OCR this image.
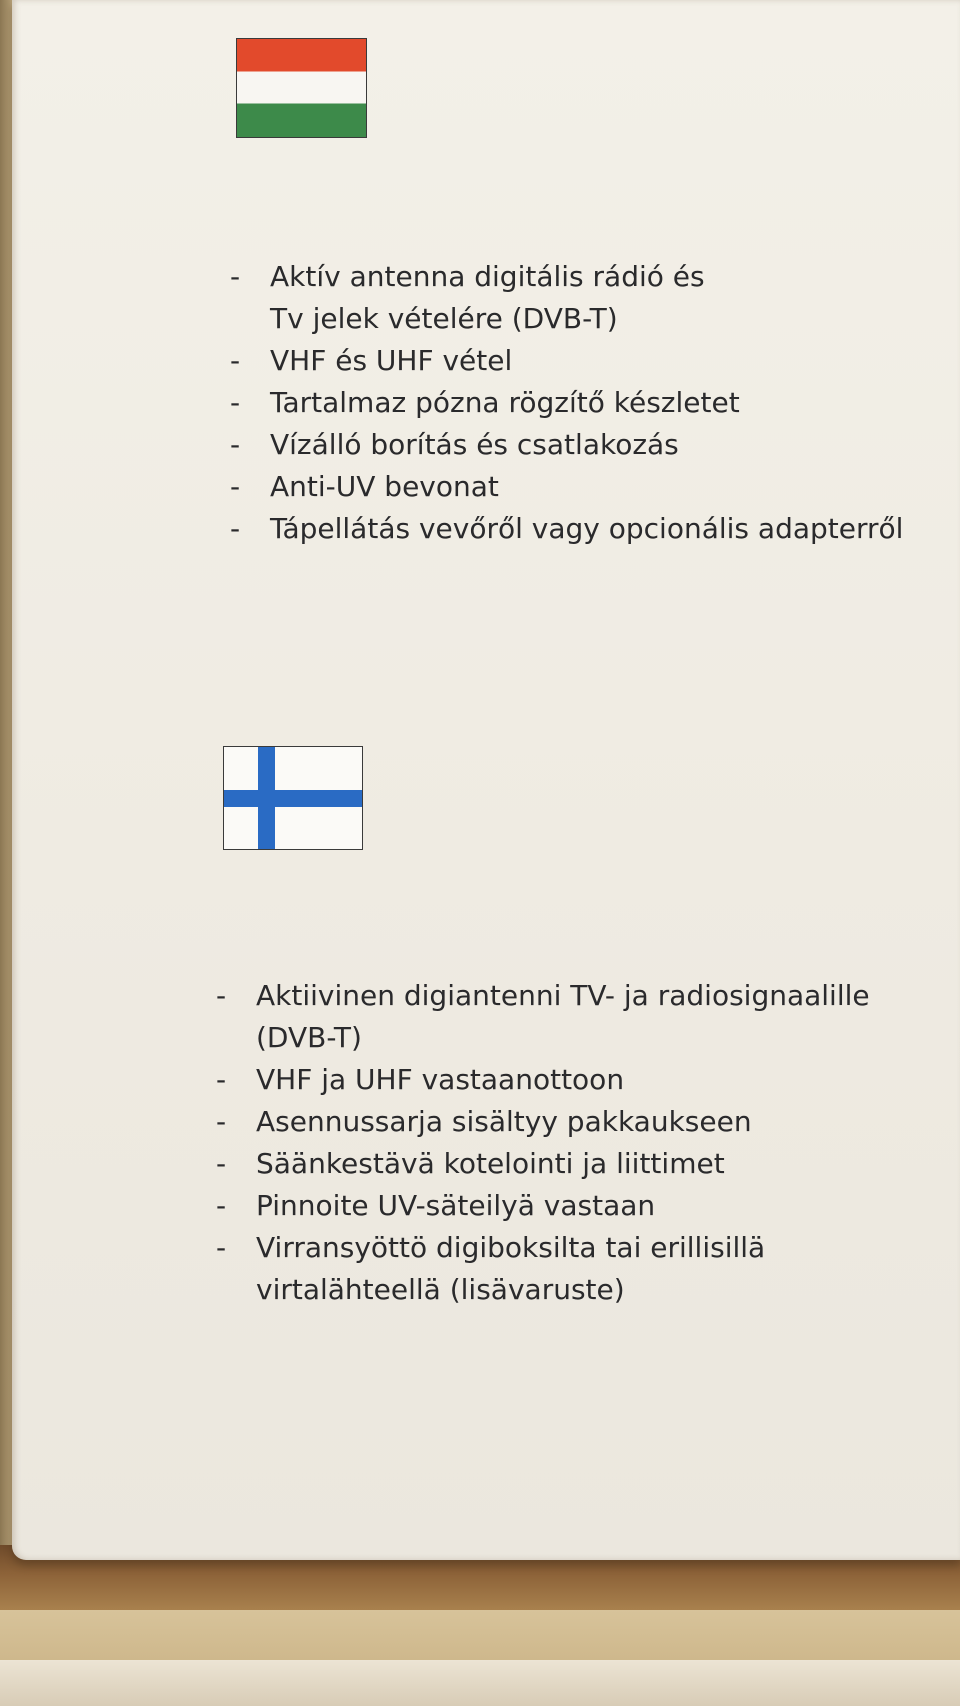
- Aktív antenna digitális rádió és
Tv jelek vételére (DVB-T)
- VHF és UHF vétel
- Tartalmaz pózna rögzítő készletet
- Vízálló borítás és csatlakozás
- Anti-UV bevonat
- Tápellátás vevőről vagy opcionális adapterről
- Aktiivinen digiantenni TV- ja radiosignaalille
(DVB-T)
- VHF ja UHF vastaanottoon
- Asennussarja sisältyy pakkaukseen
- Säänkestävä kotelointi ja liittimet
- Pinnoite UV-säteilyä vastaan
- Virransyöttö digiboksilta tai erillisillä
virtalähteellä (lisävaruste)
